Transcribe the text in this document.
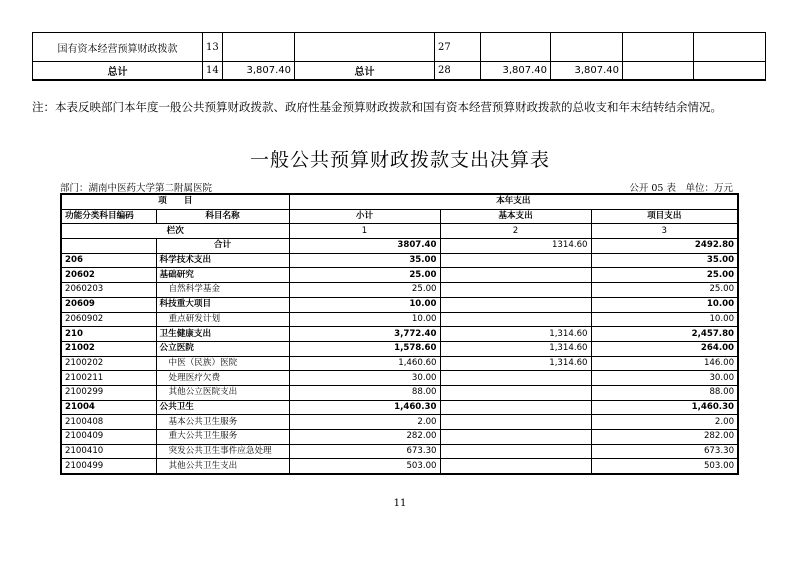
国有资本经营预算财政拨款	13			27				
总计	14	3,807.40	总计	28	3,807.40	3,807.40		
注：本表反映部门本年度一般公共预算财政拨款、政府性基金预算财政拨款和国有资本经营预算财政拨款的总收支和年末结转结余情况。
一般公共预算财政拨款支出决算表
部门：湖南中医药大学第二附属医院	公开 05 表　单位：万元
项　　目		本年支出		
功能分类科目编码	科目名称	小计	基本支出	项目支出
栏次		1	2	3
	合计	3807.40	1314.60	2492.80
206	科学技术支出	35.00		35.00
20602	基础研究	25.00		25.00
2060203	自然科学基金	25.00		25.00
20609	科技重大项目	10.00		10.00
2060902	重点研发计划	10.00		10.00
210	卫生健康支出	3,772.40	1,314.60	2,457.80
21002	公立医院	1,578.60	1,314.60	264.00
2100202	中医（民族）医院	1,460.60	1,314.60	146.00
2100211	处理医疗欠费	30.00		30.00
2100299	其他公立医院支出	88.00		88.00
21004	公共卫生	1,460.30		1,460.30
2100408	基本公共卫生服务	2.00		2.00
2100409	重大公共卫生服务	282.00		282.00
2100410	突发公共卫生事件应急处理	673.30		673.30
2100499	其他公共卫生支出	503.00		503.00
11
